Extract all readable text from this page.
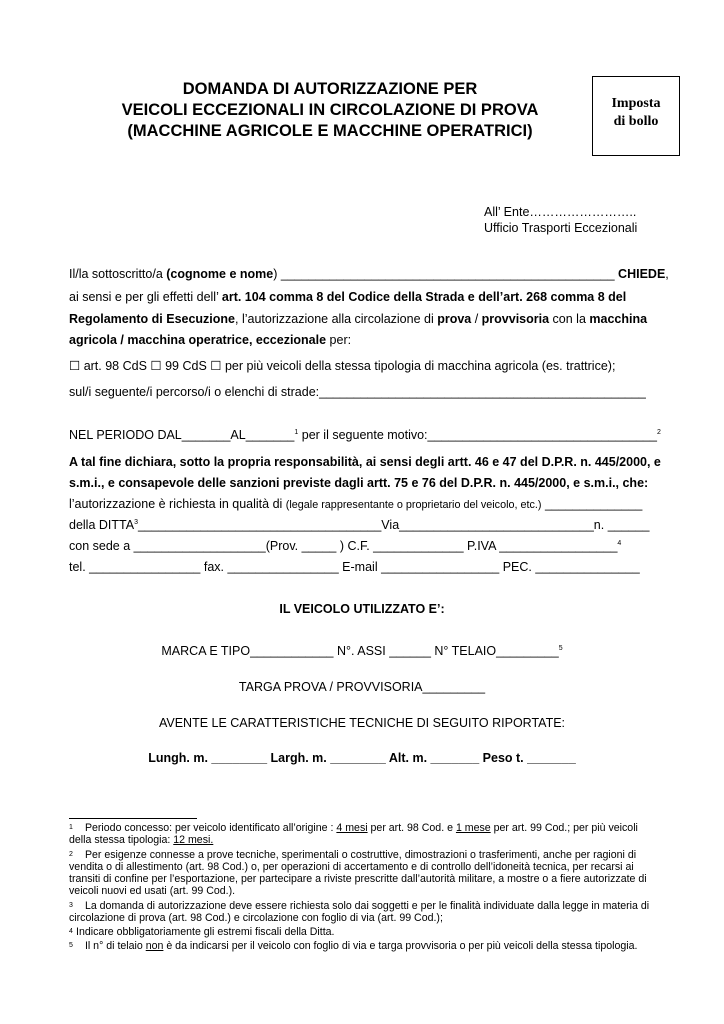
DOMANDA DI AUTORIZZAZIONE PER
VEICOLI ECCEZIONALI IN CIRCOLAZIONE DI PROVA
(MACCHINE AGRICOLE E MACCHINE OPERATRICI)
Imposta
di bollo
All’ Ente……………………..
Ufficio Trasporti Eccezionali
Il/la sottoscritto/a (cognome e nome) ________________________________________________ CHIEDE,
ai sensi e per gli effetti dell’ art. 104 comma 8 del Codice della Strada e dell’art. 268 comma 8 del
Regolamento di Esecuzione, l’autorizzazione alla circolazione di prova / provvisoria con la macchina
agricola / macchina operatrice, eccezionale per:
☐ art. 98 CdS ☐ 99 CdS ☐ per più veicoli della stessa tipologia di macchina agricola (es. trattrice);
sul/i seguente/i percorso/i o elenchi di strade:_______________________________________________
NEL PERIODO DAL_______AL_______$^1$ per il seguente motivo:_________________________________$^2$
A tal fine dichiara, sotto la propria responsabilità, ai sensi degli artt. 46 e 47 del D.P.R. n. 445/2000, e
s.m.i., e consapevole delle sanzioni previste dagli artt. 75 e 76 del D.P.R. n. 445/2000, e s.m.i., che:
l’autorizzazione è richiesta in qualità di (legale rappresentante o proprietario del veicolo, etc.) ______________
della DITTA$^3$___________________________________Via____________________________n. ______
con sede a ___________________(Prov. _____ ) C.F. _____________ P.IVA _________________$^4$
tel. ________________ fax. ________________ E-mail _________________ PEC. _______________
IL VEICOLO UTILIZZATO E’:
MARCA E TIPO____________ N°. ASSI ______ N° TELAIO_________$^5$
TARGA PROVA / PROVVISORIA_________
AVENTE LE CARATTERISTICHE TECNICHE DI SEGUITO RIPORTATE:
Lungh. m. ________ Largh. m. ________ Alt. m. _______ Peso t. _______
1 Periodo concesso: per veicolo identificato all’origine : 4 mesi per art. 98 Cod. e 1 mese per art. 99 Cod.; per più veicoli della stessa tipologia: 12 mesi.
2 Per esigenze connesse a prove tecniche, sperimentali o costruttive, dimostrazioni o trasferimenti, anche per ragioni di vendita o di allestimento (art. 98 Cod.) o, per operazioni di accertamento e di controllo dell’idoneità tecnica, per recarsi ai transiti di confine per l’esportazione, per partecipare a riviste prescritte dall’autorità militare, a mostre o a fiere autorizzate di veicoli nuovi ed usati (art. 99 Cod.).
3 La domanda di autorizzazione deve essere richiesta solo dai soggetti e per le finalità individuate dalla legge in materia di circolazione di prova (art. 98 Cod.) e circolazione con foglio di via (art. 99 Cod.);
4 Indicare obbligatoriamente gli estremi fiscali della Ditta.
5 Il n° di telaio non è da indicarsi per il veicolo con foglio di via e targa provvisoria o per più veicoli della stessa tipologia.
